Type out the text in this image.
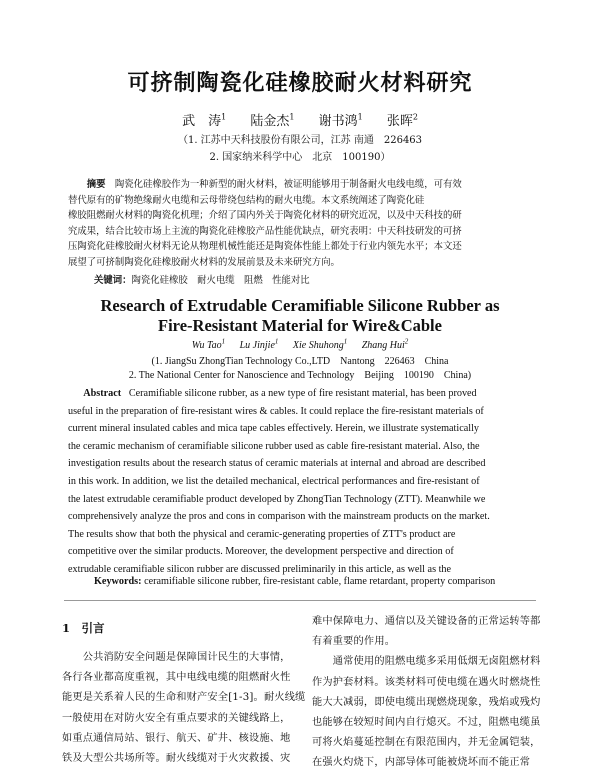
可挤制陶瓷化硅橡胶耐火材料研究
武　涛$^1$ 陆金杰$^1$ 谢书鸿$^1$ 张晖$^2$
（1. 江苏中天科技股份有限公司，江苏 南通　226463
2. 国家纳米科学中心　北京　100190）
　　摘要　 陶瓷化硅橡胶作为一种新型的耐火材料，被证明能够用于制备耐火电线电缆，可有效
替代原有的矿物绝缘耐火电缆和云母带绕包结构的耐火电缆。本文系统阐述了陶瓷化硅
橡胶阻燃耐火材料的陶瓷化机理；介绍了国内外关于陶瓷化材料的研究近况，以及中天科技的研
究成果，结合比较市场上主流的陶瓷化硅橡胶产品性能优缺点，研究表明：中天科技研发的可挤
压陶瓷化硅橡胶耐火材料无论从物理机械性能还是陶瓷体性能上都处于行业内领先水平；本文还
展望了可挤制陶瓷化硅橡胶耐火材料的发展前景及未来研究方向。
关键词：陶瓷化硅橡胶　耐火电缆　阻燃　性能对比
Research of Extrudable Ceramifiable Silicone Rubber as
Fire-Resistant Material for Wire&Cable
Wu Tao$^1$ Lu Jinjie$^1$ Xie Shuhong$^1$ Zhang Hui$^2$
(1. JiangSu ZhongTian Technology Co.,LTD　Nantong　226463　China
2. The National Center for Nanoscience and Technology　Beijing　100190　China)
Abstract Ceramifiable silicone rubber, as a new type of fire resistant material, has been proved
useful in the preparation of fire-resistant wires & cables. It could replace the fire-resistant materials of
current mineral insulated cables and mica tape cables effectively. Herein, we illustrate systematically
the ceramic mechanism of ceramifiable silicone rubber used as cable fire-resistant material. Also, the
investigation results about the research status of ceramic materials at internal and abroad are described
in this work. In addition, we list the detailed mechanical, electrical performances and fire-resistant of
the latest extrudable ceramifiable product developed by ZhongTian Technology (ZTT). Meanwhile we
comprehensively analyze the pros and cons in comparison with the mainstream products on the market.
The results show that both the physical and ceramic-generating properties of ZTT's product are
competitive over the similar products. Moreover, the development perspective and direction of
extrudable ceramifiable silicon rubber are discussed preliminarily in this article, as well as the
Keywords: ceramifiable silicone rubber, fire-resistant cable, flame retardant, property comparison
1　引言
　　公共消防安全问题是保障国计民生的大事情，
各行各业都高度重视，其中电线电缆的阻燃耐火性
能更是关系着人民的生命和财产安全[1-3]。耐火线缆
一般使用在对防火安全有重点要求的关键线路上，
如重点通信局站、银行、航天、矿井、核设施、地
铁及大型公共场所等。耐火线缆对于火灾救援、灾
难中保障电力、通信以及关键设备的正常运转等都
有着重要的作用。
　　通常使用的阻燃电缆多采用低烟无卤阻燃材料
作为护套材料。该类材料可使电缆在遇火时燃烧性
能大大减弱，即使电缆出现燃烧现象，残焰或残灼
也能够在较短时间内自行熄灭。不过，阻燃电缆虽
可将火焰蔓延控制在有限范围内，并无金属铠装，
在强火灼烧下，内部导体可能被烧坏而不能正常
